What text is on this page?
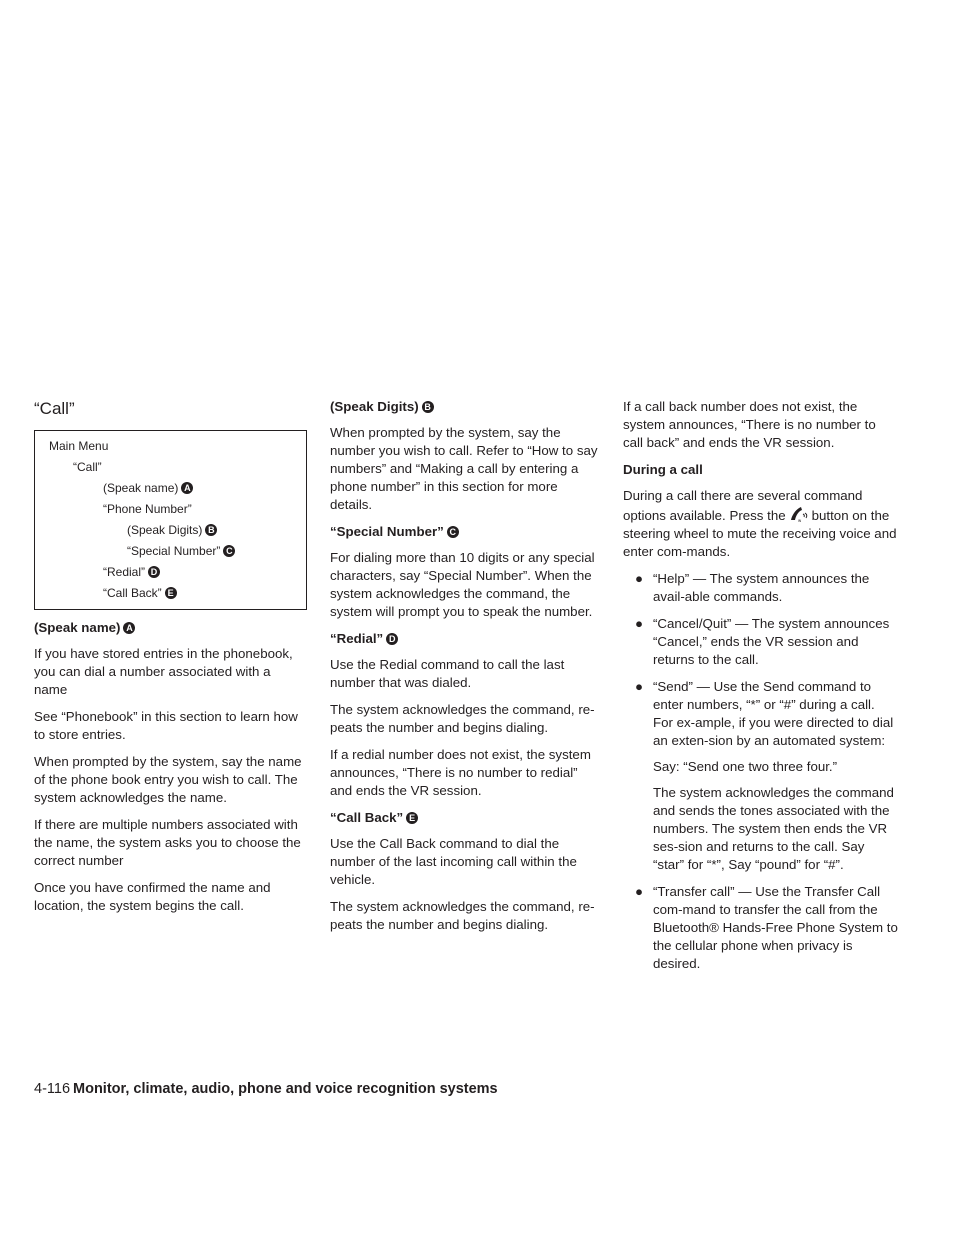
“Call”
Main Menu
“Call”
(Speak name) A
“Phone Number”
(Speak Digits) B
“Special Number” C
“Redial” D
“Call Back” E
(Speak name) A

If you have stored entries in the phonebook, you can dial a number associated with a name

See “Phonebook” in this section to learn how to store entries.

When prompted by the system, say the name of the phone book entry you wish to call. The system acknowledges the name.

If there are multiple numbers associated with the name, the system asks you to choose the correct number

Once you have confirmed the name and location, the system begins the call.

(Speak Digits) B

When prompted by the system, say the number you wish to call. Refer to “How to say numbers” and “Making a call by entering a phone number” in this section for more details.

“Special Number” C

For dialing more than 10 digits or any special characters, say “Special Number”. When the system acknowledges the command, the system will prompt you to speak the number.

“Redial” D

Use the Redial command to call the last number that was dialed.

The system acknowledges the command, re-peats the number and begins dialing.

If a redial number does not exist, the system announces, “There is no number to redial” and ends the VR session.

“Call Back” E

Use the Call Back command to dial the number of the last incoming call within the vehicle.

The system acknowledges the command, re-peats the number and begins dialing.

If a call back number does not exist, the system announces, “There is no number to call back” and ends the VR session.

During a call

During a call there are several command options available. Press the	w button on the steering wheel to mute the receiving voice and enter com-mands.

● “Help” — The system announces the avail-able commands.
● “Cancel/Quit” — The system announces “Cancel,” ends the VR session and returns to the call.
● “Send” — Use the Send command to enter numbers, “*” or “#” during a call. For ex-ample, if you were directed to dial an exten-sion by an automated system:

Say: “Send one two three four.”

The system acknowledges the command and sends the tones associated with the numbers. The system then ends the VR ses-sion and returns to the call. Say “star” for “*”, Say “pound” for “#”.

● “Transfer call” — Use the Transfer Call com-mand to transfer the call from the Bluetooth® Hands-Free Phone System to the cellular phone when privacy is desired.
4-116 Monitor, climate, audio, phone and voice recognition systems
